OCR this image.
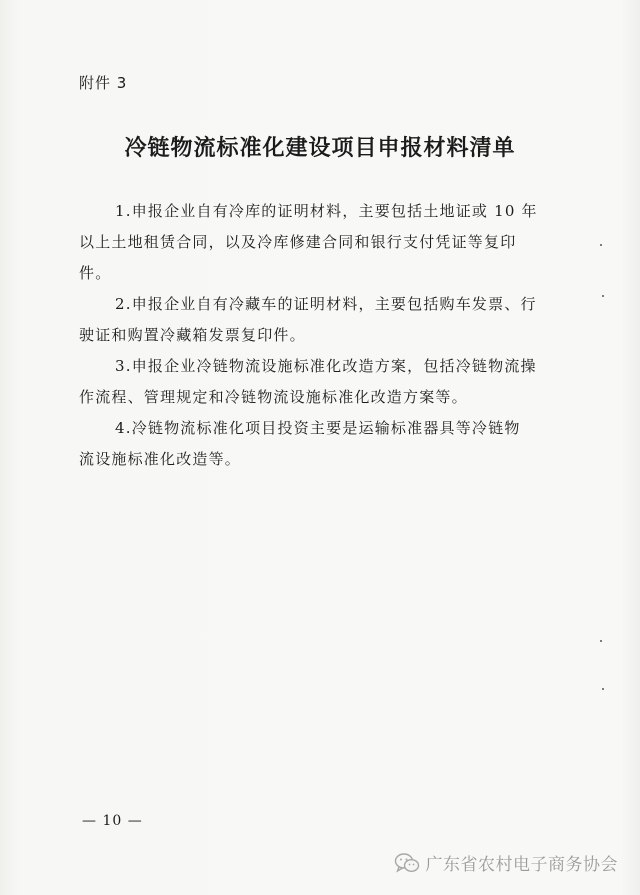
附件 3
冷链物流标准化建设项目申报材料清单
1.申报企业自有冷库的证明材料，主要包括土地证或 10 年
以上土地租赁合同，以及冷库修建合同和银行支付凭证等复印
件。
2.申报企业自有冷藏车的证明材料，主要包括购车发票、行
驶证和购置冷藏箱发票复印件。
3.申报企业冷链物流设施标准化改造方案，包括冷链物流操
作流程、管理规定和冷链物流设施标准化改造方案等。
4.冷链物流标准化项目投资主要是运输标准器具等冷链物
流设施标准化改造等。
— 10 —
广东省农村电子商务协会
